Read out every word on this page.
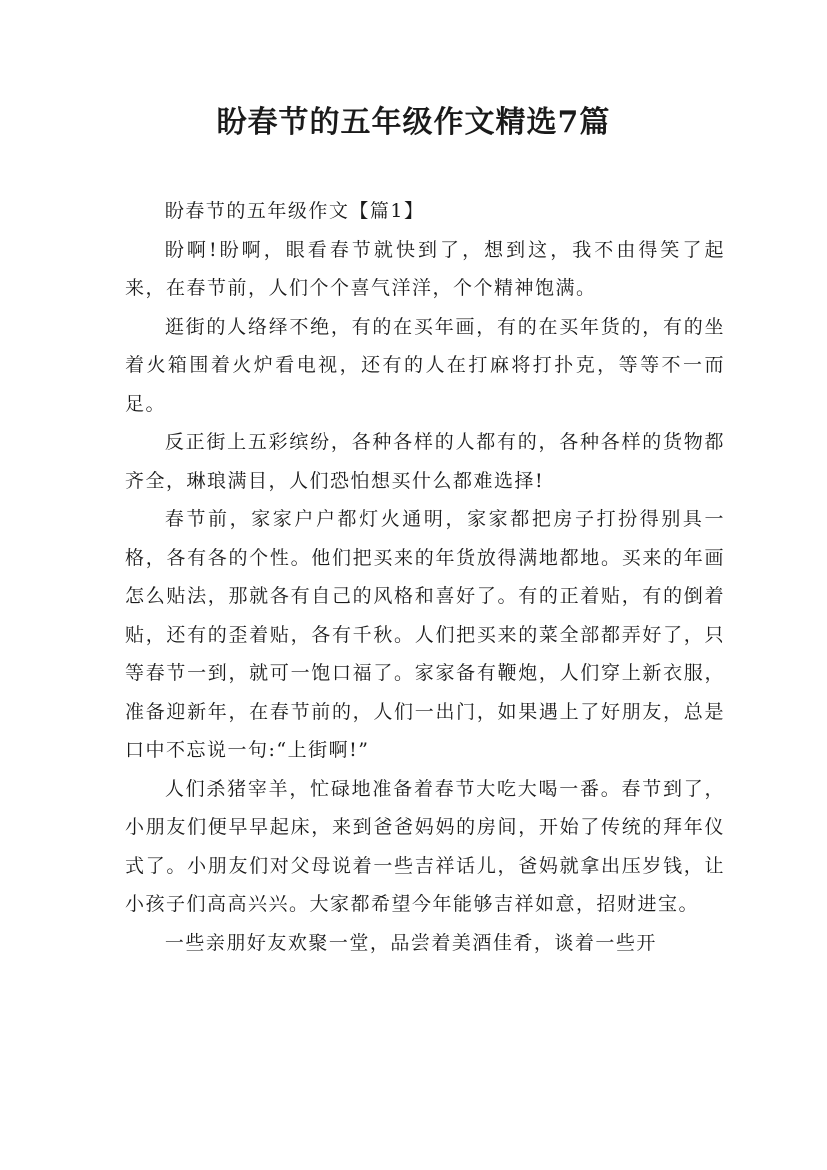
盼春节的五年级作文精选7篇

盼春节的五年级作文【篇1】

盼啊!盼啊，眼看春节就快到了，想到这，我不由得笑了起来，在春节前，人们个个喜气洋洋，个个精神饱满。

逛街的人络绎不绝，有的在买年画，有的在买年货的，有的坐着火箱围着火炉看电视，还有的人在打麻将打扑克，等等不一而足。

反正街上五彩缤纷，各种各样的人都有的，各种各样的货物都齐全，琳琅满目，人们恐怕想买什么都难选择!

春节前，家家户户都灯火通明，家家都把房子打扮得别具一格，各有各的个性。他们把买来的年货放得满地都地。买来的年画怎么贴法，那就各有自己的风格和喜好了。有的正着贴，有的倒着贴，还有的歪着贴，各有千秋。人们把买来的菜全部都弄好了，只等春节一到，就可一饱口福了。家家备有鞭炮，人们穿上新衣服，准备迎新年，在春节前的，人们一出门，如果遇上了好朋友，总是口中不忘说一句:“上街啊!”

人们杀猪宰羊，忙碌地准备着春节大吃大喝一番。春节到了，小朋友们便早早起床，来到爸爸妈妈的房间，开始了传统的拜年仪式了。小朋友们对父母说着一些吉祥话儿，爸妈就拿出压岁钱，让小孩子们高高兴兴。大家都希望今年能够吉祥如意，招财进宝。

一些亲朋好友欢聚一堂，品尝着美酒佳肴，谈着一些开
